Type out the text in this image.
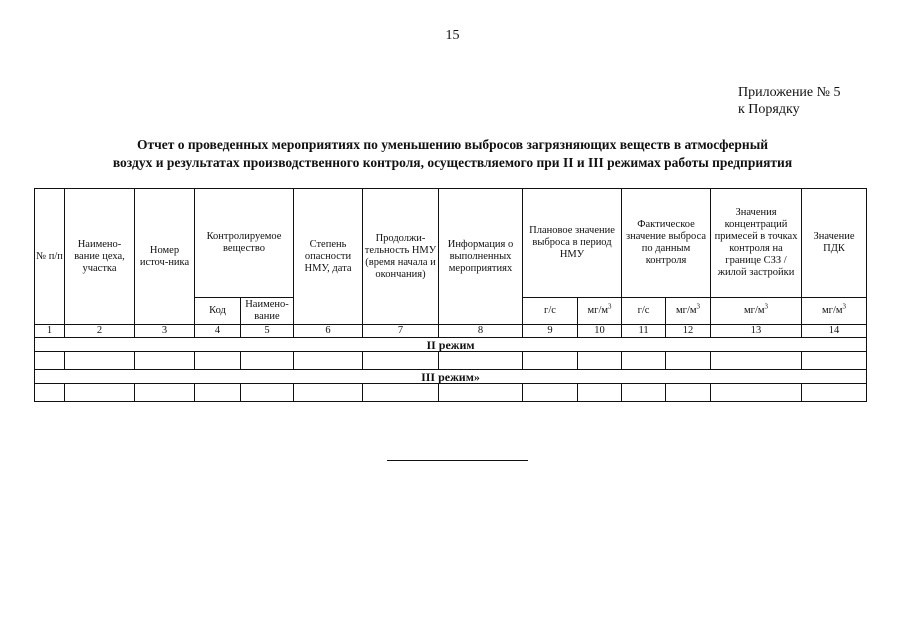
15
Приложение № 5
к Порядку
Отчет о проведенных мероприятиях по уменьшению выбросов загрязняющих веществ в атмосферный
воздух и результатах производственного контроля, осуществляемого при II и III режимах работы предприятия
№ п/п	Наимено-вание цеха, участка	Номер источ-ника	Контролируемое вещество		Степень опасности НМУ, дата	Продолжи-тельность НМУ (время начала и окончания)	Информация о выполненных мероприятиях	Плановое значение выброса в период НМУ		Фактическое значение выброса по данным контроля		Значения концентраций примесей в точках контроля на границе СЗЗ / жилой застройки	Значение ПДК
			Код	Наимено-вание				г/с	$мг/м^3$	г/с	$мг/м^3$	$мг/м^3$	$мг/м^3$
1	2	3	4	5	6	7	8	9	10	11	12	13	14
II режим													

III режим»													
